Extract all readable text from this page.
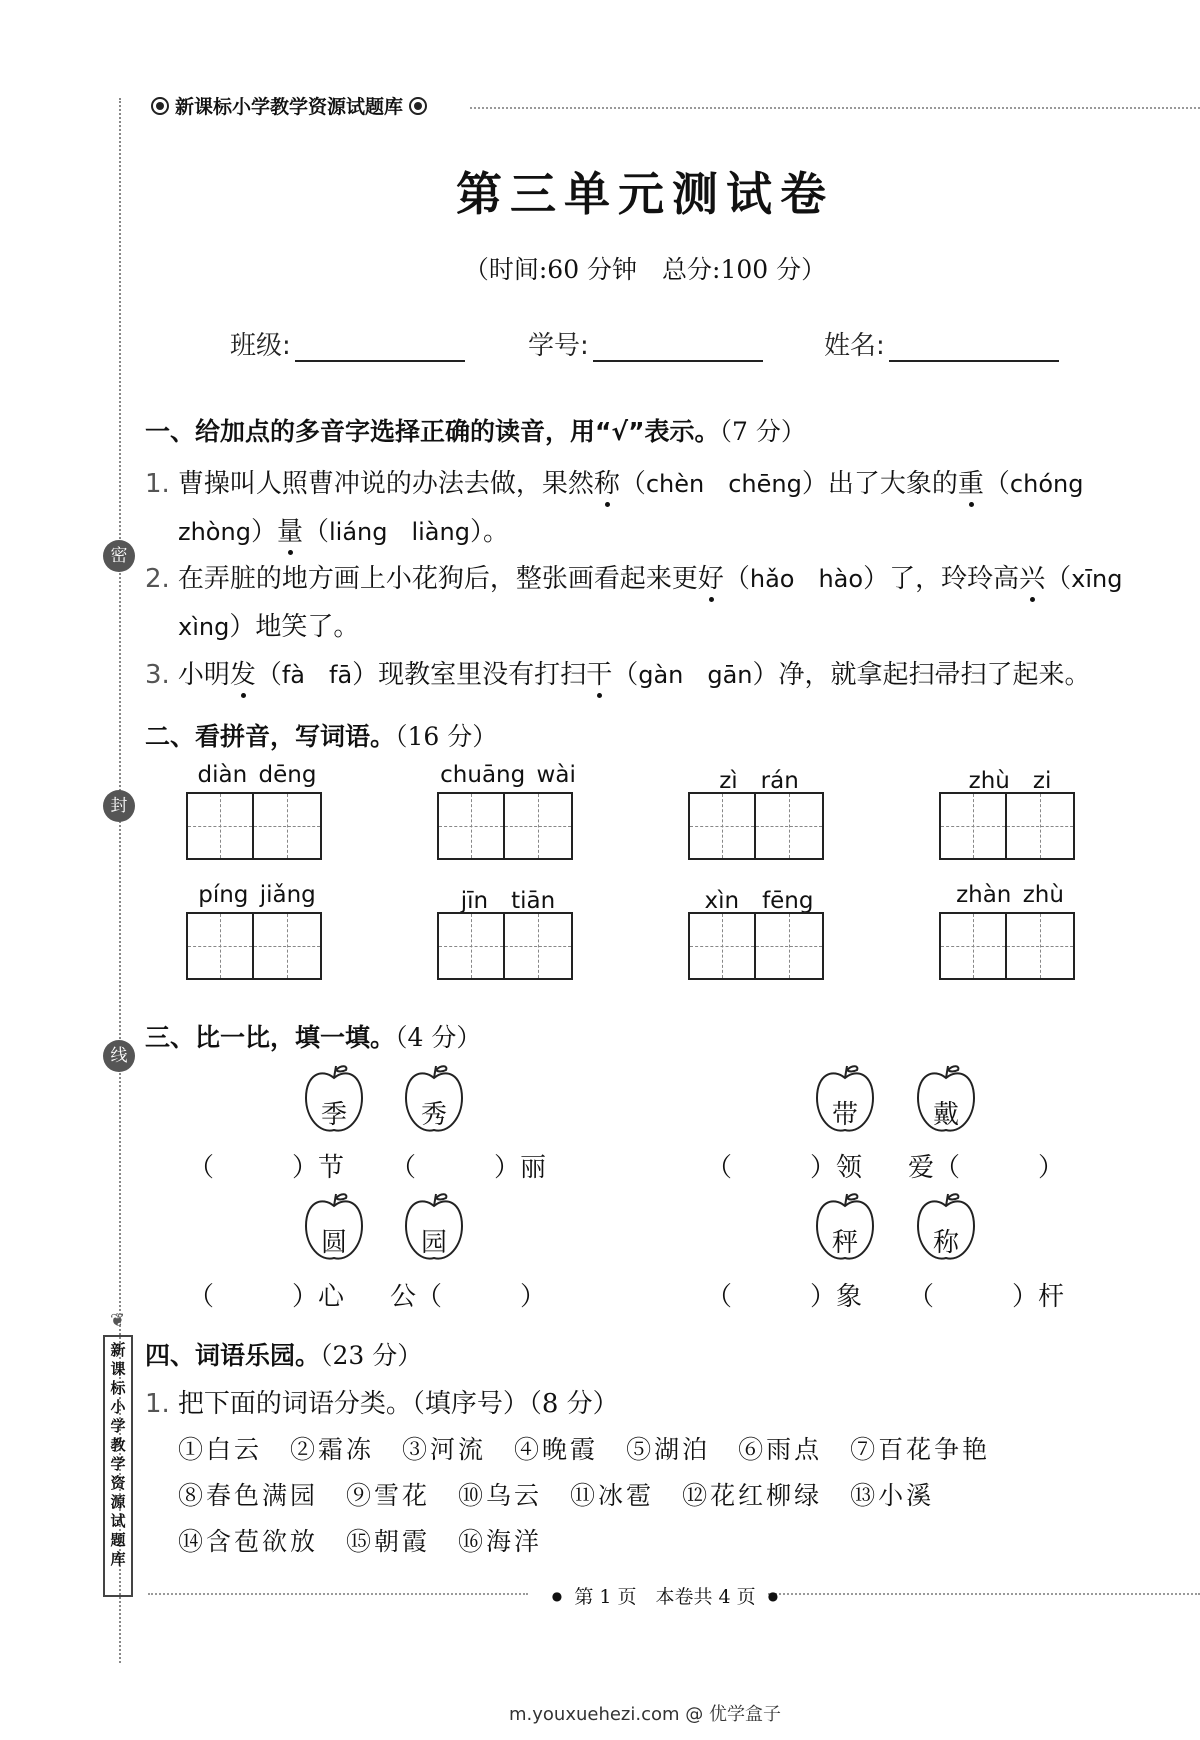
密
封
线
❦
新课标小学教学资源试题库
新课标小学教学资源试题库
第三单元测试卷
（时间:60 分钟　总分:100 分）
班级:	学号:	姓名:
一、给加点的多音字选择正确的读音，用“√”表示。（7 分）
1. 曹操叫人照曹冲说的办法去做，果然称（chèn　chēng）出了大象的重（chóng
zhòng）量（liáng　liàng）。
2. 在弄脏的地方画上小花狗后，整张画看起来更好（hǎo　hào）了，玲玲高兴（xīng
xìng）地笑了。
3. 小明发（fà　fā）现教室里没有打扫干（gàn　gān）净，就拿起扫帚扫了起来。
二、看拼音，写词语。（16 分）
diàn dēng	chuāng wài	zì　rán	zhù　zi
píng jiǎng	jīn　tiān	xìn　fēng	zhàn zhù
三、比一比，填一填。（4 分）
季	秀	带	戴
（　　　）节 （　　　）丽	（　　　）领 爱（　　　）
圆	园	秤	称
（　　　）心 公（　　　）	（　　　）象 （　　　）杆
四、词语乐园。（23 分）
1. 把下面的词语分类。（填序号）（8 分）
①白云 ②霜冻 ③河流 ④晚霞 ⑤湖泊 ⑥雨点 ⑦百花争艳
⑧春色满园 ⑨雪花 ⑩乌云 ⑪冰雹 ⑫花红柳绿 ⑬小溪
⑭含苞欲放 ⑮朝霞 ⑯海洋
● 第 1 页　本卷共 4 页 ●
m.youxuehezi.com @ 优学盒子
